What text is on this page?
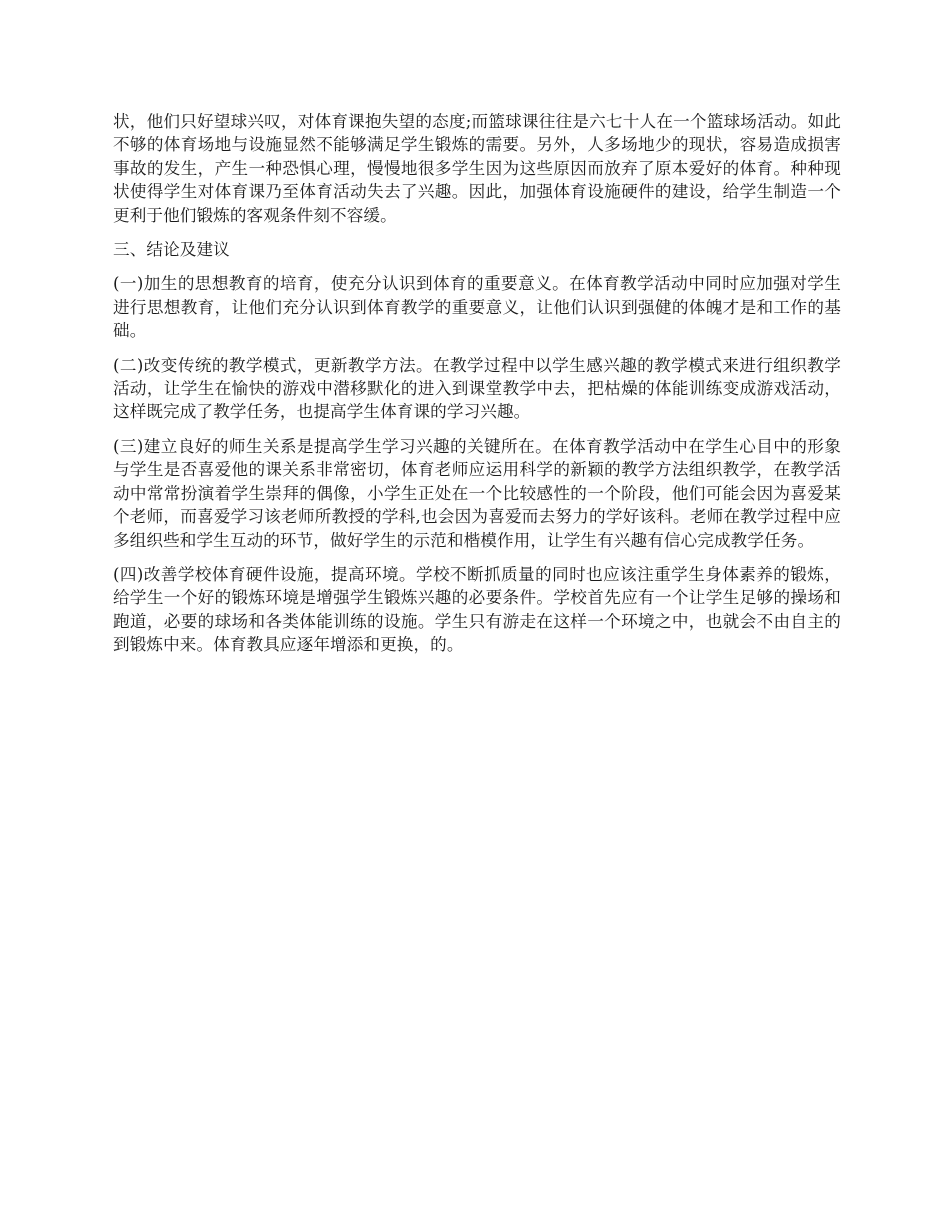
状，他们只好望球兴叹，对体育课抱失望的态度;而篮球课往往是六七十人在一个篮球场活动。如此不够的体育场地与设施显然不能够满足学生锻炼的需要。另外，人多场地少的现状，容易造成损害事故的发生，产生一种恐惧心理，慢慢地很多学生因为这些原因而放弃了原本爱好的体育。种种现状使得学生对体育课乃至体育活动失去了兴趣。因此，加强体育设施硬件的建设，给学生制造一个更利于他们锻炼的客观条件刻不容缓。

三、结论及建议

(一)加生的思想教育的培育，使充分认识到体育的重要意义。在体育教学活动中同时应加强对学生进行思想教育，让他们充分认识到体育教学的重要意义，让他们认识到强健的体魄才是和工作的基础。

(二)改变传统的教学模式，更新教学方法。在教学过程中以学生感兴趣的教学模式来进行组织教学活动，让学生在愉快的游戏中潜移默化的进入到课堂教学中去，把枯燥的体能训练变成游戏活动，这样既完成了教学任务，也提高学生体育课的学习兴趣。

(三)建立良好的师生关系是提高学生学习兴趣的关键所在。在体育教学活动中在学生心目中的形象与学生是否喜爱他的课关系非常密切，体育老师应运用科学的新颖的教学方法组织教学，在教学活动中常常扮演着学生崇拜的偶像，小学生正处在一个比较感性的一个阶段，他们可能会因为喜爱某个老师，而喜爱学习该老师所教授的学科,也会因为喜爱而去努力的学好该科。老师在教学过程中应多组织些和学生互动的环节，做好学生的示范和楷模作用，让学生有兴趣有信心完成教学任务。

(四)改善学校体育硬件设施，提高环境。学校不断抓质量的同时也应该注重学生身体素养的锻炼，给学生一个好的锻炼环境是增强学生锻炼兴趣的必要条件。学校首先应有一个让学生足够的操场和跑道，必要的球场和各类体能训练的设施。学生只有游走在这样一个环境之中，也就会不由自主的到锻炼中来。体育教具应逐年增添和更换，的。
